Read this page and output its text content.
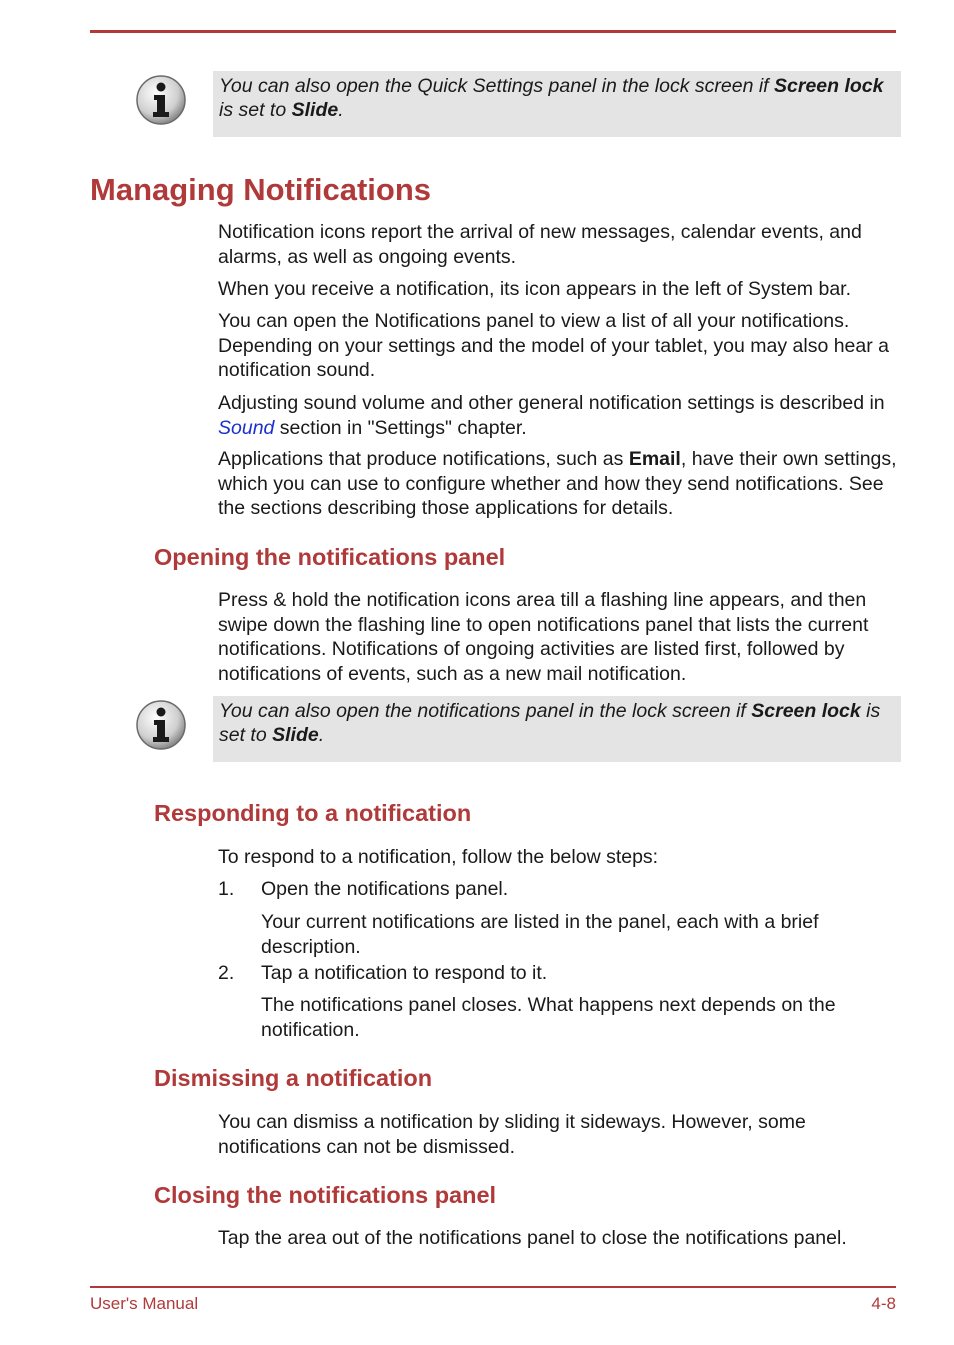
You can also open the Quick Settings panel in the lock screen if Screen lock is set to Slide.

Managing Notifications

Notification icons report the arrival of new messages, calendar events, and alarms, as well as ongoing events.

When you receive a notification, its icon appears in the left of System bar.

You can open the Notifications panel to view a list of all your notifications. Depending on your settings and the model of your tablet, you may also hear a notification sound.

Adjusting sound volume and other general notification settings is described in Sound section in "Settings" chapter.

Applications that produce notifications, such as Email, have their own settings, which you can use to configure whether and how they send notifications. See the sections describing those applications for details.

Opening the notifications panel

Press & hold the notification icons area till a flashing line appears, and then swipe down the flashing line to open notifications panel that lists the current notifications. Notifications of ongoing activities are listed first, followed by notifications of events, such as a new mail notification.

You can also open the notifications panel in the lock screen if Screen lock is set to Slide.

Responding to a notification

To respond to a notification, follow the below steps:

1. Open the notifications panel.

Your current notifications are listed in the panel, each with a brief description.

2. Tap a notification to respond to it.

The notifications panel closes. What happens next depends on the notification.

Dismissing a notification

You can dismiss a notification by sliding it sideways. However, some notifications can not be dismissed.

Closing the notifications panel

Tap the area out of the notifications panel to close the notifications panel.

User's Manual	4-8
